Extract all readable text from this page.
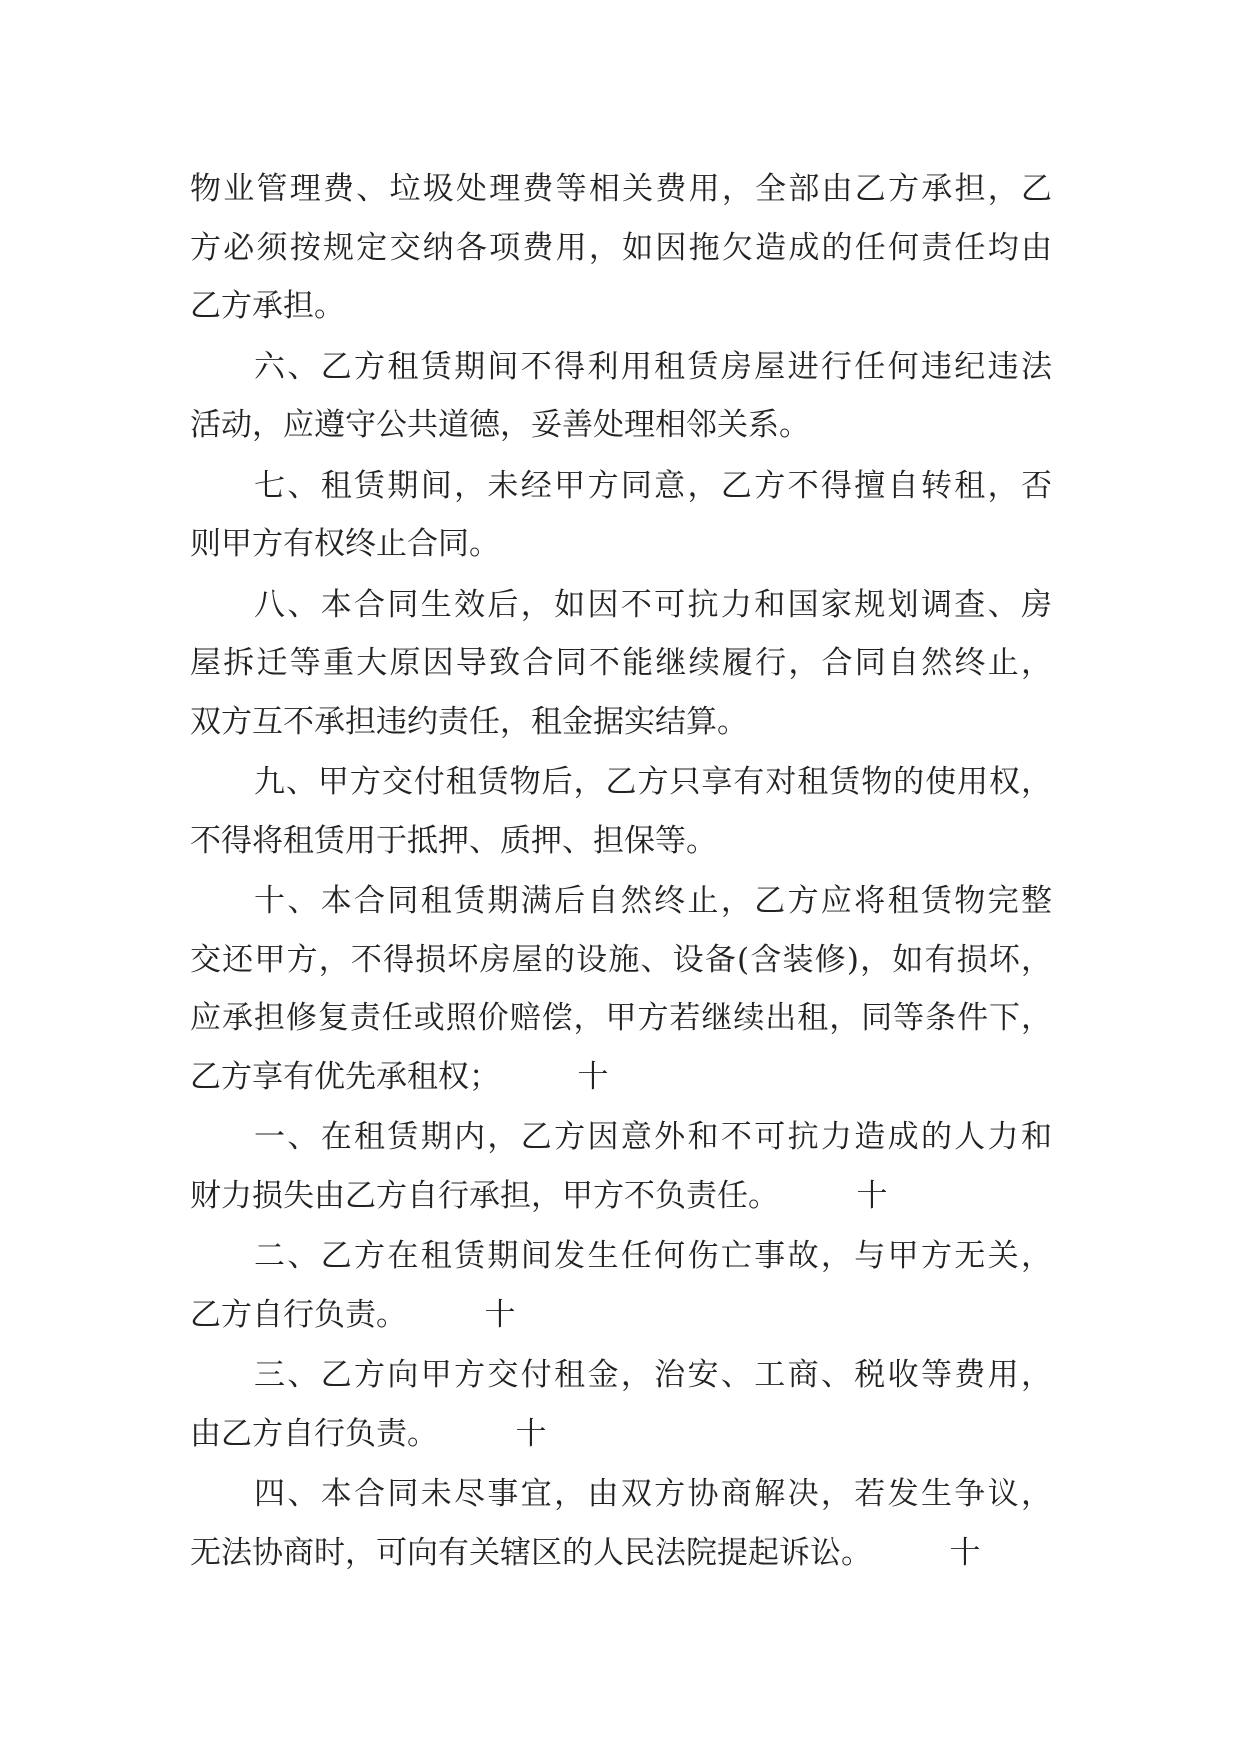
物业管理费、垃圾处理费等相关费用，全部由乙方承担，乙
方必须按规定交纳各项费用，如因拖欠造成的任何责任均由
乙方承担。
六、乙方租赁期间不得利用租赁房屋进行任何违纪违法
活动，应遵守公共道德，妥善处理相邻关系。
七、租赁期间，未经甲方同意，乙方不得擅自转租，否
则甲方有权终止合同。
八、本合同生效后，如因不可抗力和国家规划调查、房
屋拆迁等重大原因导致合同不能继续履行，合同自然终止，
双方互不承担违约责任，租金据实结算。
九、甲方交付租赁物后，乙方只享有对租赁物的使用权，
不得将租赁用于抵押、质押、担保等。
十、本合同租赁期满后自然终止，乙方应将租赁物完整
交还甲方，不得损坏房屋的设施、设备(含装修)，如有损坏，
应承担修复责任或照价赔偿，甲方若继续出租，同等条件下，
乙方享有优先承租权；　　　十
一、在租赁期内，乙方因意外和不可抗力造成的人力和
财力损失由乙方自行承担，甲方不负责任。　　　十
二、乙方在租赁期间发生任何伤亡事故，与甲方无关，
乙方自行负责。　　　十
三、乙方向甲方交付租金，治安、工商、税收等费用，
由乙方自行负责。　　　十
四、本合同未尽事宜，由双方协商解决，若发生争议，
无法协商时，可向有关辖区的人民法院提起诉讼。　　　十
